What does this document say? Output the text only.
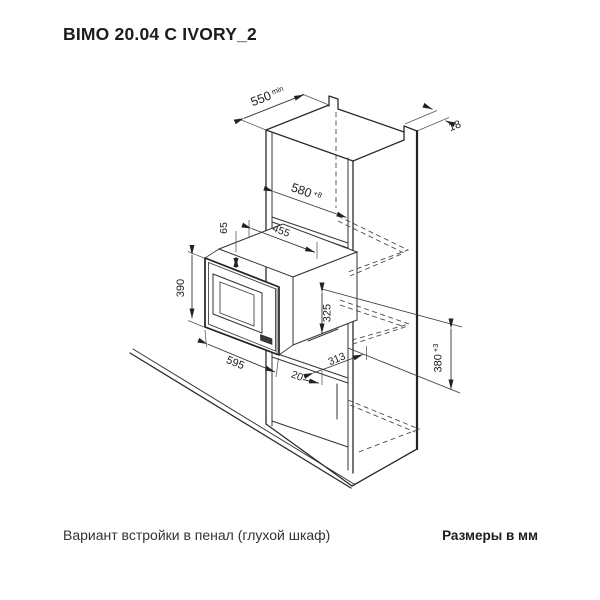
BIMO 20.04 C IVORY_2
$550^{min}$
18
$580^{+8}$
455
65
390
595
20
313
325
$380^{+3}$
Вариант встройки в пенал (глухой шкаф)	Размеры в мм
